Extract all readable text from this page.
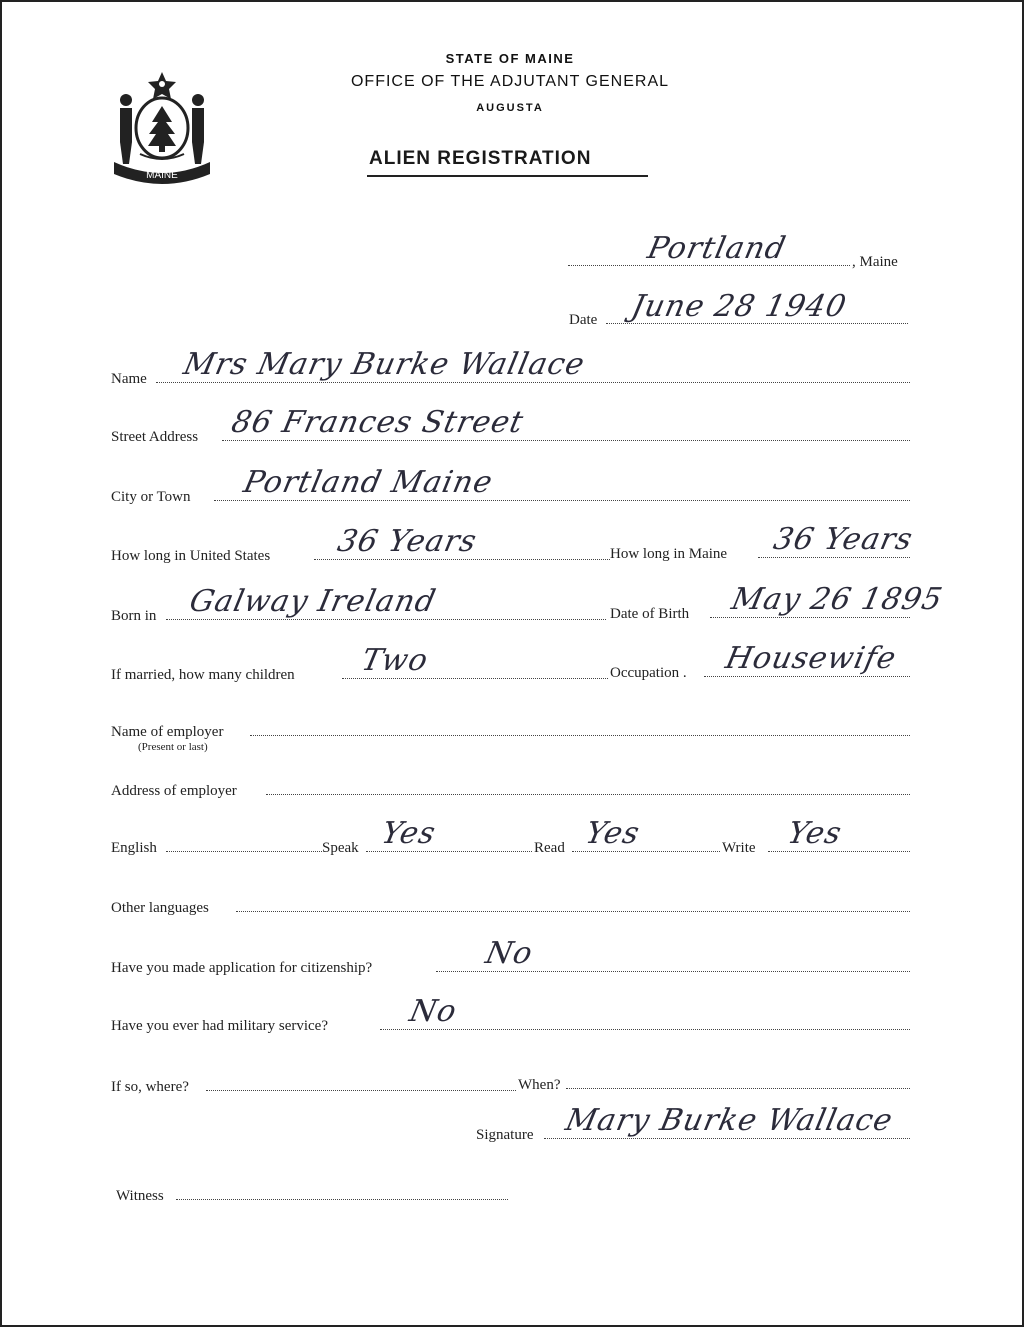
MAINE
STATE OF MAINE
OFFICE OF THE ADJUTANT GENERAL
AUGUSTA
ALIEN REGISTRATION
Portland	, Maine
Date June 28 1940
Name Mrs Mary Burke Wallace
Street Address 86 Frances Street
City or Town Portland Maine
How long in United States 36 Years	How long in Maine 36 Years
Born in Galway Ireland	Date of Birth May 26 1895
If married, how many children Two	Occupation . Housewife
Name of employer
(Present or last)
Address of employer
English	Speak Yes	Read Yes	Write Yes
Other languages
Have you made application for citizenship?	No
Have you ever had military service?	No
If so, where?	When?
Signature Mary Burke Wallace
Witness
